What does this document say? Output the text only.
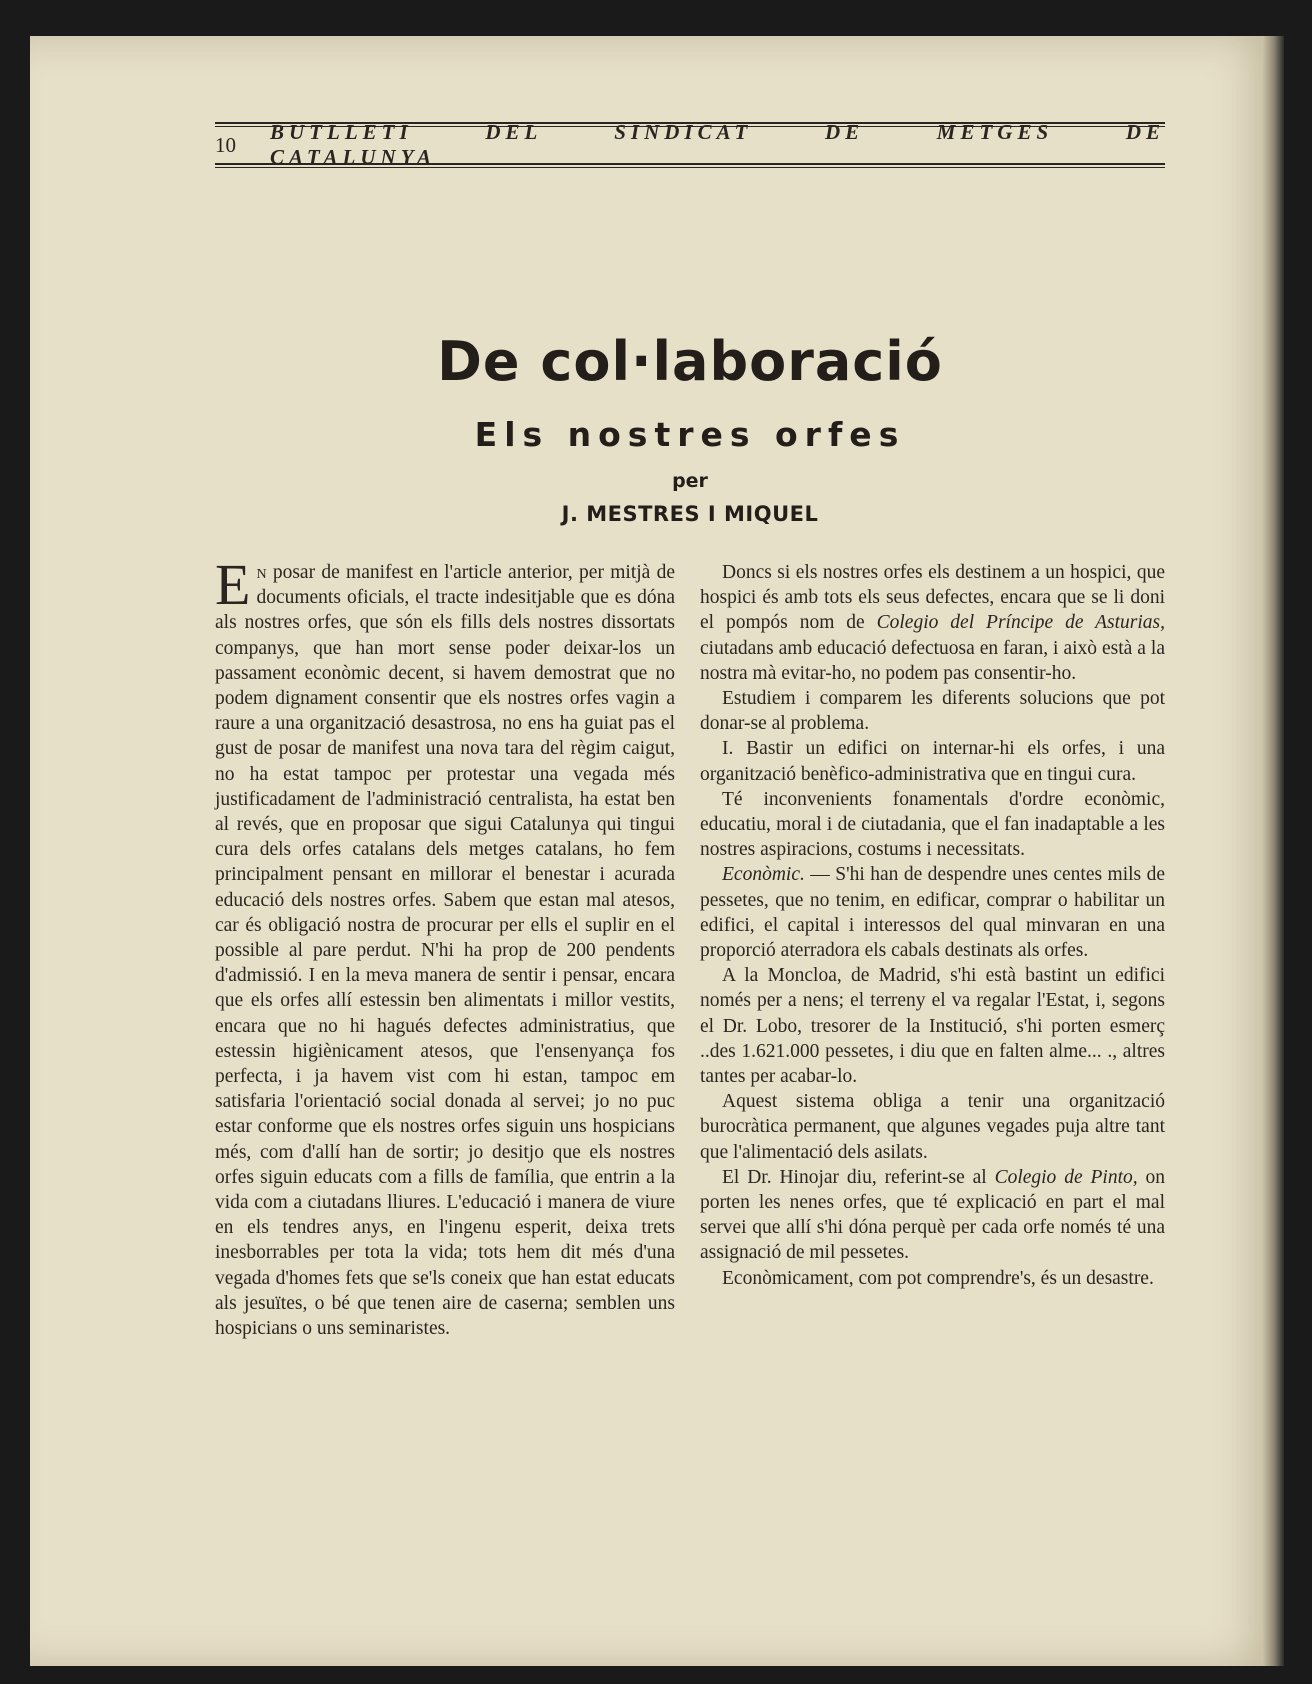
10
BUTLLETI DEL SINDICAT DE METGES DE CATALUNYA
De col·laboració
Els nostres orfes
per
J. MESTRES I MIQUEL

En posar de manifest en l'article anterior, per mitjà de documents oficials, el tracte indesitjable que es dóna als nostres orfes, que són els fills dels nostres dissortats companys, que han mort sense poder deixar-los un passament econòmic decent, si havem demostrat que no podem dignament consentir que els nostres orfes vagin a raure a una organització desastrosa, no ens ha guiat pas el gust de posar de manifest una nova tara del règim caigut, no ha estat tampoc per protestar una vegada més justificadament de l'administració centralista, ha estat ben al revés, que en proposar que sigui Catalunya qui tingui cura dels orfes catalans dels metges catalans, ho fem principalment pensant en millorar el benestar i acurada educació dels nostres orfes. Sabem que estan mal atesos, car és obligació nostra de procurar per ells el suplir en el possible al pare perdut. N'hi ha prop de 200 pendents d'admissió. I en la meva manera de sentir i pensar, encara que els orfes allí estessin ben alimentats i millor vestits, encara que no hi hagués defectes administratius, que estessin higiènicament atesos, que l'ensenyança fos perfecta, i ja havem vist com hi estan, tampoc em satisfaria l'orientació social donada al servei; jo no puc estar conforme que els nostres orfes siguin uns hospicians més, com d'allí han de sortir; jo desitjo que els nostres orfes siguin educats com a fills de família, que entrin a la vida com a ciutadans lliures. L'educació i manera de viure en els tendres anys, en l'ingenu esperit, deixa trets inesborrables per tota la vida; tots hem dit més d'una vegada d'homes fets que se'ls coneix que han estat educats als jesuïtes, o bé que tenen aire de caserna; semblen uns hospicians o uns seminaristes.

Doncs si els nostres orfes els destinem a un hospici, que hospici és amb tots els seus defectes, encara que se li doni el pompós nom de Colegio del Príncipe de Asturias, ciutadans amb educació defectuosa en faran, i això està a la nostra mà evitar-ho, no podem pas consentir-ho.

Estudiem i comparem les diferents solucions que pot donar-se al problema.

I. Bastir un edifici on internar-hi els orfes, i una organització benèfico-administrativa que en tingui cura.

Té inconvenients fonamentals d'ordre econòmic, educatiu, moral i de ciutadania, que el fan inadaptable a les nostres aspiracions, costums i necessitats.

Econòmic. — S'hi han de despendre unes centes mils de pessetes, que no tenim, en edificar, comprar o habilitar un edifici, el capital i interessos del qual minvaran en una proporció aterradora els cabals destinats als orfes.

A la Moncloa, de Madrid, s'hi està bastint un edifici només per a nens; el terreny el va regalar l'Estat, i, segons el Dr. Lobo, tresorer de la Institució, s'hi porten esmerç ..des 1.621.000 pessetes, i diu que en falten alme... ., altres tantes per acabar-lo.

Aquest sistema obliga a tenir una organització burocràtica permanent, que algunes vegades puja altre tant que l'alimentació dels asilats.

El Dr. Hinojar diu, referint-se al Colegio de Pinto, on porten les nenes orfes, que té explicació en part el mal servei que allí s'hi dóna perquè per cada orfe només té una assignació de mil pessetes.

Econòmicament, com pot comprendre's, és un desastre.
